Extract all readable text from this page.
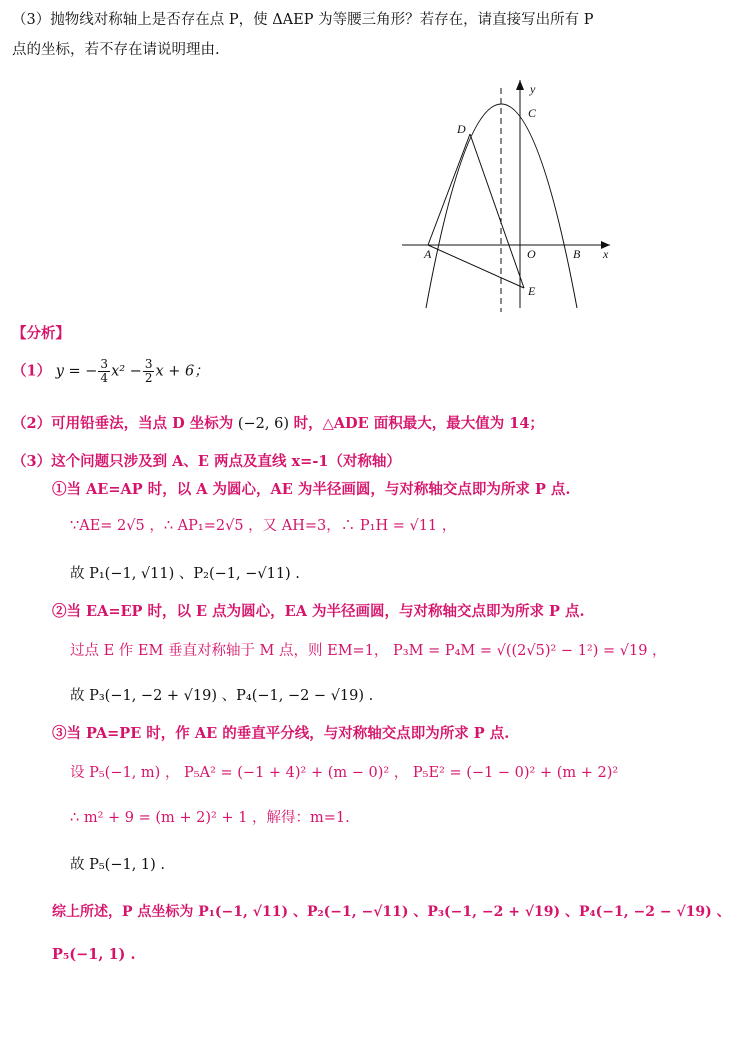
（3）抛物线对称轴上是否存在点 P，使 ΔAEP 为等腰三角形？若存在，请直接写出所有 P
点的坐标，若不存在请说明理由.
D
C
y
A	O	B x
E
【分析】
（1） y = − $\frac{3}{4} x^2 - \frac{3}{2}$ x + 6；
（2）可用铅垂法，当点 D 坐标为 (−2, 6) 时，△ADE 面积最大，最大值为 14；
（3）这个问题只涉及到 A、E 两点及直线 x=-1（对称轴）
①当 AE=AP 时，以 A 为圆心，AE 为半径画圆，与对称轴交点即为所求 P 点.
∵AE= 2√5 ，∴ AP₁=2√5 ，又 AH=3，∴ P₁H = √11 ，
故 P₁(−1, √11) 、P₂(−1, −√11) .
②当 EA=EP 时，以 E 点为圆心，EA 为半径画圆，与对称轴交点即为所求 P 点.
过点 E 作 EM 垂直对称轴于 M 点，则 EM=1， P₃M = P₄M = √((2√5)² − 1²) = √19 ，
故 P₃(−1, −2 + √19) 、P₄(−1, −2 − √19) .
③当 PA=PE 时，作 AE 的垂直平分线，与对称轴交点即为所求 P 点.
设 P₅(−1, m) ， P₅A² = (−1 + 4)² + (m − 0)² ， P₅E² = (−1 − 0)² + (m + 2)²
∴ m² + 9 = (m + 2)² + 1 ，解得：m=1.
故 P₅(−1, 1) .
综上所述，P 点坐标为 P₁(−1, √11) 、P₂(−1, −√11) 、P₃(−1, −2 + √19) 、P₄(−1, −2 − √19) 、
P₅(−1, 1) .
